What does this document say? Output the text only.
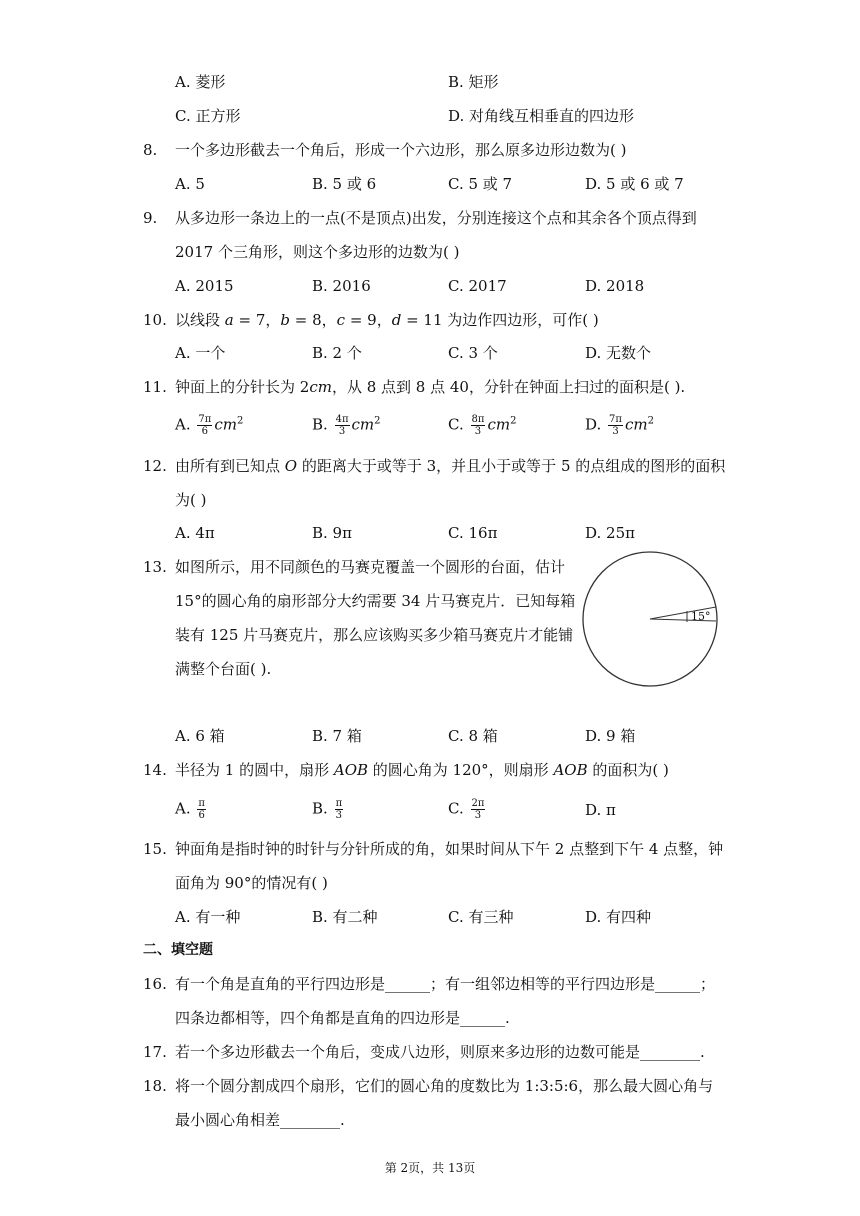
A. 菱形	B. 矩形
C. 正方形	D. 对角线互相垂直的四边形
8.	一个多边形截去一个角后，形成一个六边形，那么原多边形边数为( )
A. 5	B. 5 或 6	C. 5 或 7	D. 5 或 6 或 7
9.	从多边形一条边上的一点(不是顶点)出发，分别连接这个点和其余各个顶点得到
2017 个三角形，则这个多边形的边数为( )
A. 2015	B. 2016	C. 2017	D. 2018
10. 以线段 a = 7，b = 8，c = 9，d = 11 为边作四边形，可作( )
A. 一个	B. 2 个	C. 3 个	D. 无数个
11. 钟面上的分针长为 2cm，从 8 点到 8 点 40，分针在钟面上扫过的面积是( ).
A. $\frac{7\pi}{6} cm^2$	B. $\frac{4\pi}{3} cm^2$	C. $\frac{8\pi}{3} cm^2$	D. $\frac{7\pi}{3} cm^2$
12. 由所有到已知点 O 的距离大于或等于 3，并且小于或等于 5 的点组成的图形的面积
为( )
A. 4π	B. 9π	C. 16π	D. 25π
13. 如图所示，用不同颜色的马赛克覆盖一个圆形的台面，估计
15°的圆心角的扇形部分大约需要 34 片马赛克片．已知每箱
装有 125 片马赛克片，那么应该购买多少箱马赛克片才能铺
满整个台面( ).
15°
A. 6 箱	B. 7 箱	C. 8 箱	D. 9 箱
14. 半径为 1 的圆中，扇形 AOB 的圆心角为 120°，则扇形 AOB 的面积为( )
A. $\frac{\pi}{6}$	B. $\frac{\pi}{3}$	C. $\frac{2\pi}{3}$	D. π
15. 钟面角是指时钟的时针与分针所成的角，如果时间从下午 2 点整到下午 4 点整，钟
面角为 90°的情况有( )
A. 有一种	B. 有二种	C. 有三种	D. 有四种
二、填空题
16. 有一个角是直角的平行四边形是______；有一组邻边相等的平行四边形是______；
四条边都相等，四个角都是直角的四边形是______.
17. 若一个多边形截去一个角后，变成八边形，则原来多边形的边数可能是________.
18. 将一个圆分割成四个扇形，它们的圆心角的度数比为 1:3:5:6，那么最大圆心角与
最小圆心角相差________.
第 2页，共 13页
